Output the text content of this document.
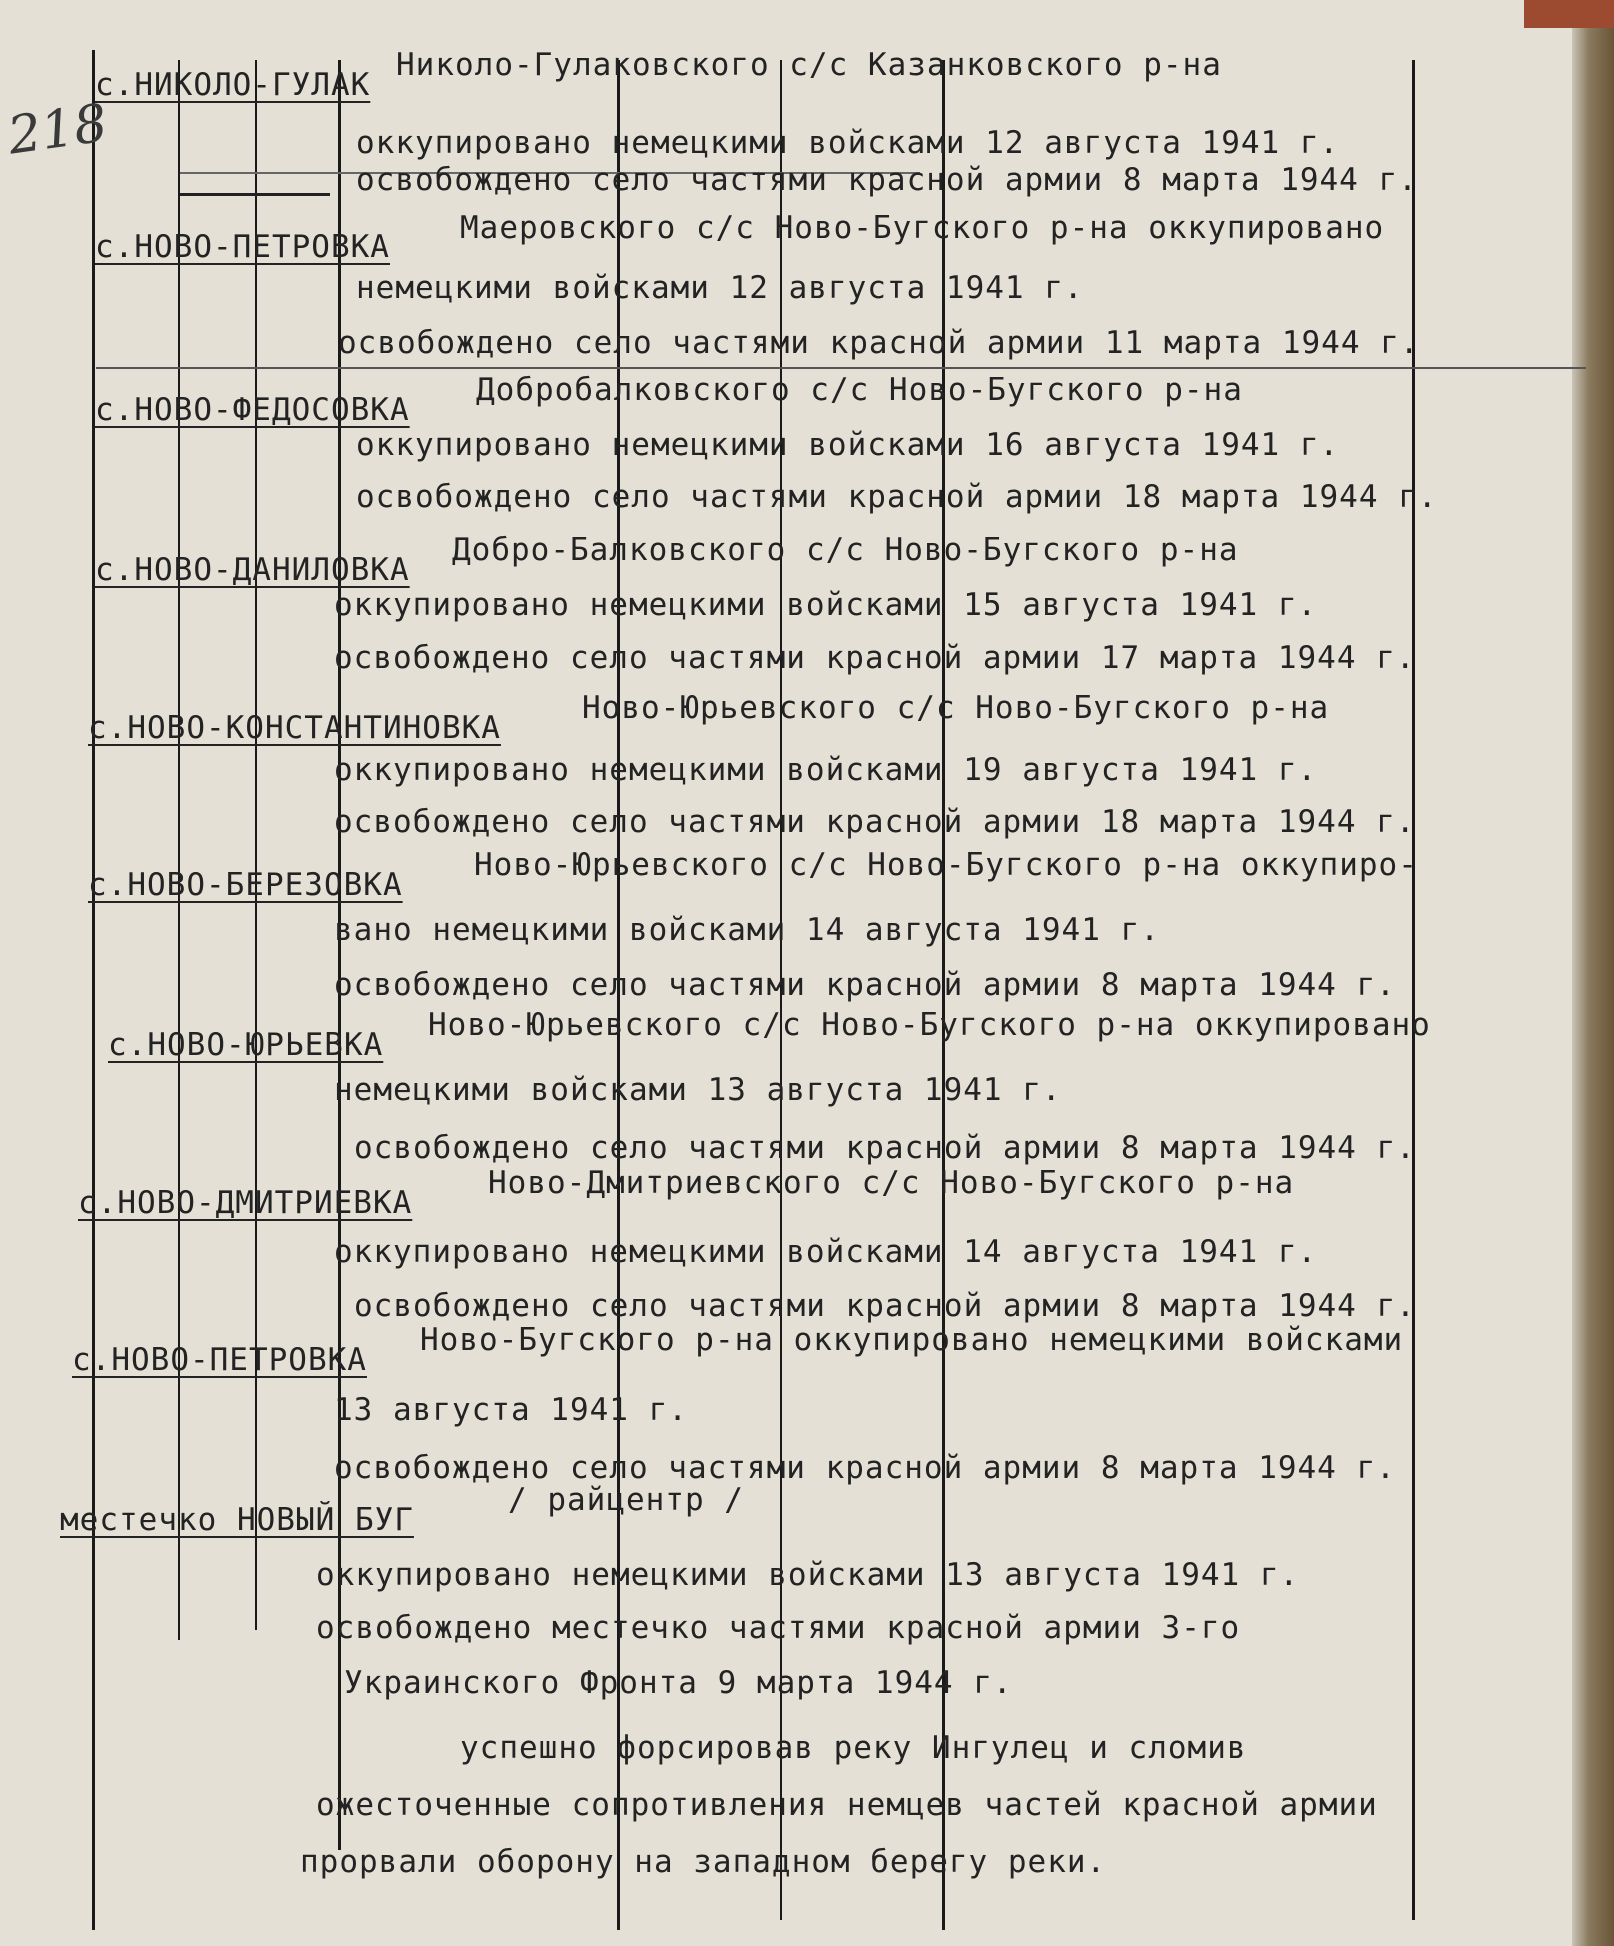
с.НИКОЛО-ГУЛАК
Николо-Гулаковского с/с Казанковского р-на
оккупировано немецкими войсками 12 августа 1941 г.
освобождено село частями красной армии 8 марта 1944 г.
с.НОВО-ПЕТРОВКА
Маеровского с/с Ново-Бугского р-на оккупировано
немецкими войсками 12 августа 1941 г.
освобождено село частями красной армии 11 марта 1944 г.
с.НОВО-ФЕДОСОВКА
Добробалковского с/с Ново-Бугского р-на
оккупировано немецкими войсками 16 августа 1941 г.
освобождено село частями красной армии 18 марта 1944 г.
с.НОВО-ДАНИЛОВКА
Добро-Балковского с/с Ново-Бугского р-на
оккупировано немецкими войсками 15 августа 1941 г.
освобождено село частями красной армии 17 марта 1944 г.
с.НОВО-КОНСТАНТИНОВКА
Ново-Юрьевского с/с Ново-Бугского р-на
оккупировано немецкими войсками 19 августа 1941 г.
освобождено село частями красной армии 18 марта 1944 г.
с.НОВО-БЕРЕЗОВКА
Ново-Юрьевского с/с Ново-Бугского р-на оккупиро-
вано немецкими войсками 14 августа 1941 г.
освобождено село частями красной армии 8 марта 1944 г.
с.НОВО-ЮРЬЕВКА
Ново-Юрьевского с/с Ново-Бугского р-на оккупировано
немецкими войсками 13 августа 1941 г.
освобождено село частями красной армии 8 марта 1944 г.
с.НОВО-ДМИТРИЕВКА
Ново-Дмитриевского с/с Ново-Бугского р-на
оккупировано немецкими войсками 14 августа 1941 г.
освобождено село частями красной армии 8 марта 1944 г.
с.НОВО-ПЕТРОВКА
Ново-Бугского р-на оккупировано немецкими войсками
13 августа 1941 г.
освобождено село частями красной армии 8 марта 1944 г.
местечко НОВЫЙ БУГ
/ райцентр /
оккупировано немецкими войсками 13 августа 1941 г.
освобождено местечко частями красной армии 3-го
Украинского Фронта 9 марта 1944 г.
успешно форсировав реку Ингулец и сломив
ожесточенные сопротивления немцев частей красной армии
прорвали оборону на западном берегу реки.
218
